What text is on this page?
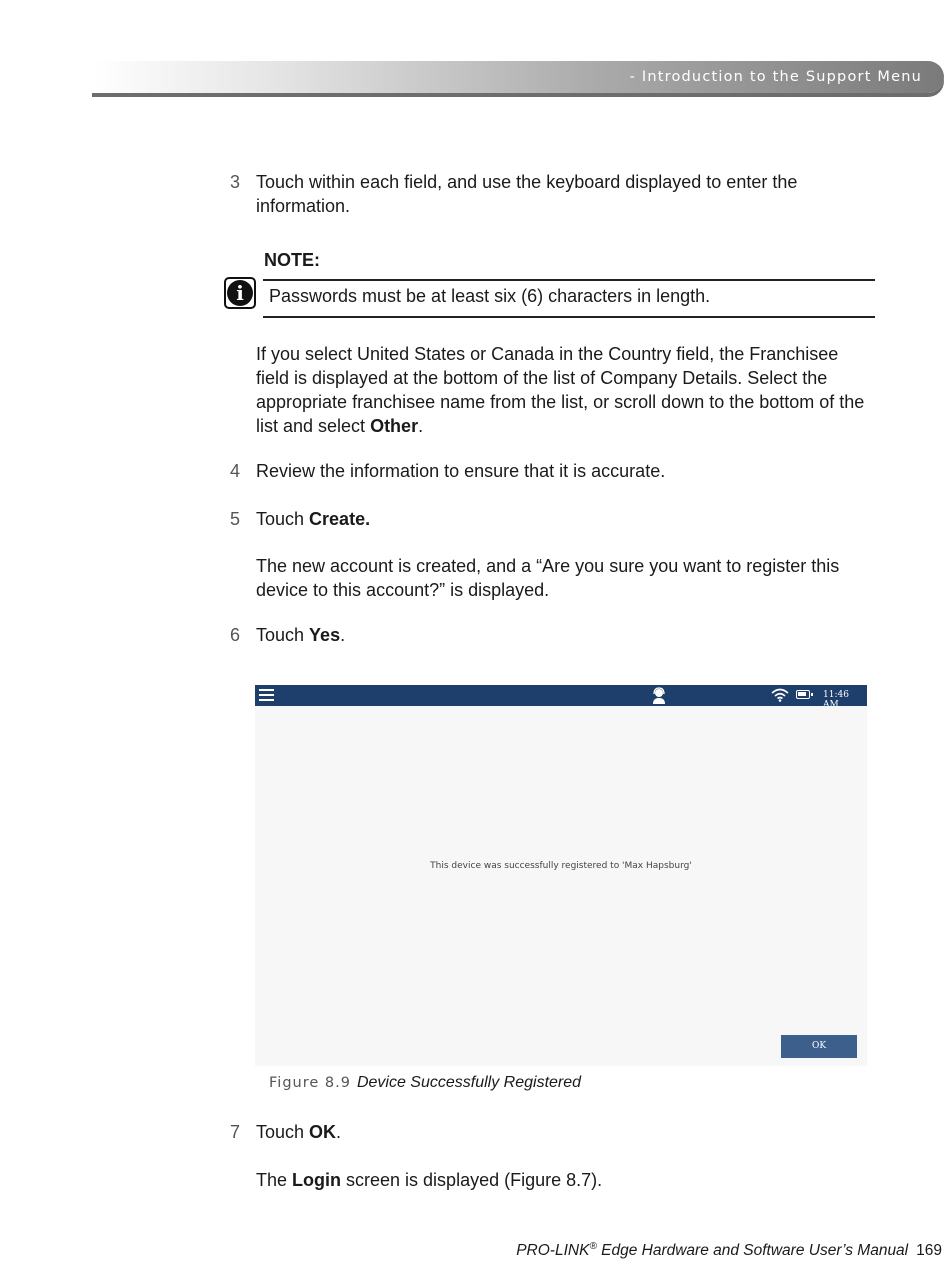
- Introduction to the Support Menu
3 Touch within each field, and use the keyboard displayed to enter the
information.
NOTE:
i	Passwords must be at least six (6) characters in length.
If you select United States or Canada in the Country field, the Franchisee
field is displayed at the bottom of the list of Company Details. Select the
appropriate franchisee name from the list, or scroll down to the bottom of the
list and select Other.
4 Review the information to ensure that it is accurate.
5 Touch Create.
The new account is created, and a “Are you sure you want to register this
device to this account?” is displayed.
6 Touch Yes.
11:46 AM
This device was successfully registered to 'Max Hapsburg'
OK
Figure 8.9 Device Successfully Registered
7 Touch OK.
The Login screen is displayed (Figure 8.7).
PRO-LINK® Edge Hardware and Software User’s Manual 169
